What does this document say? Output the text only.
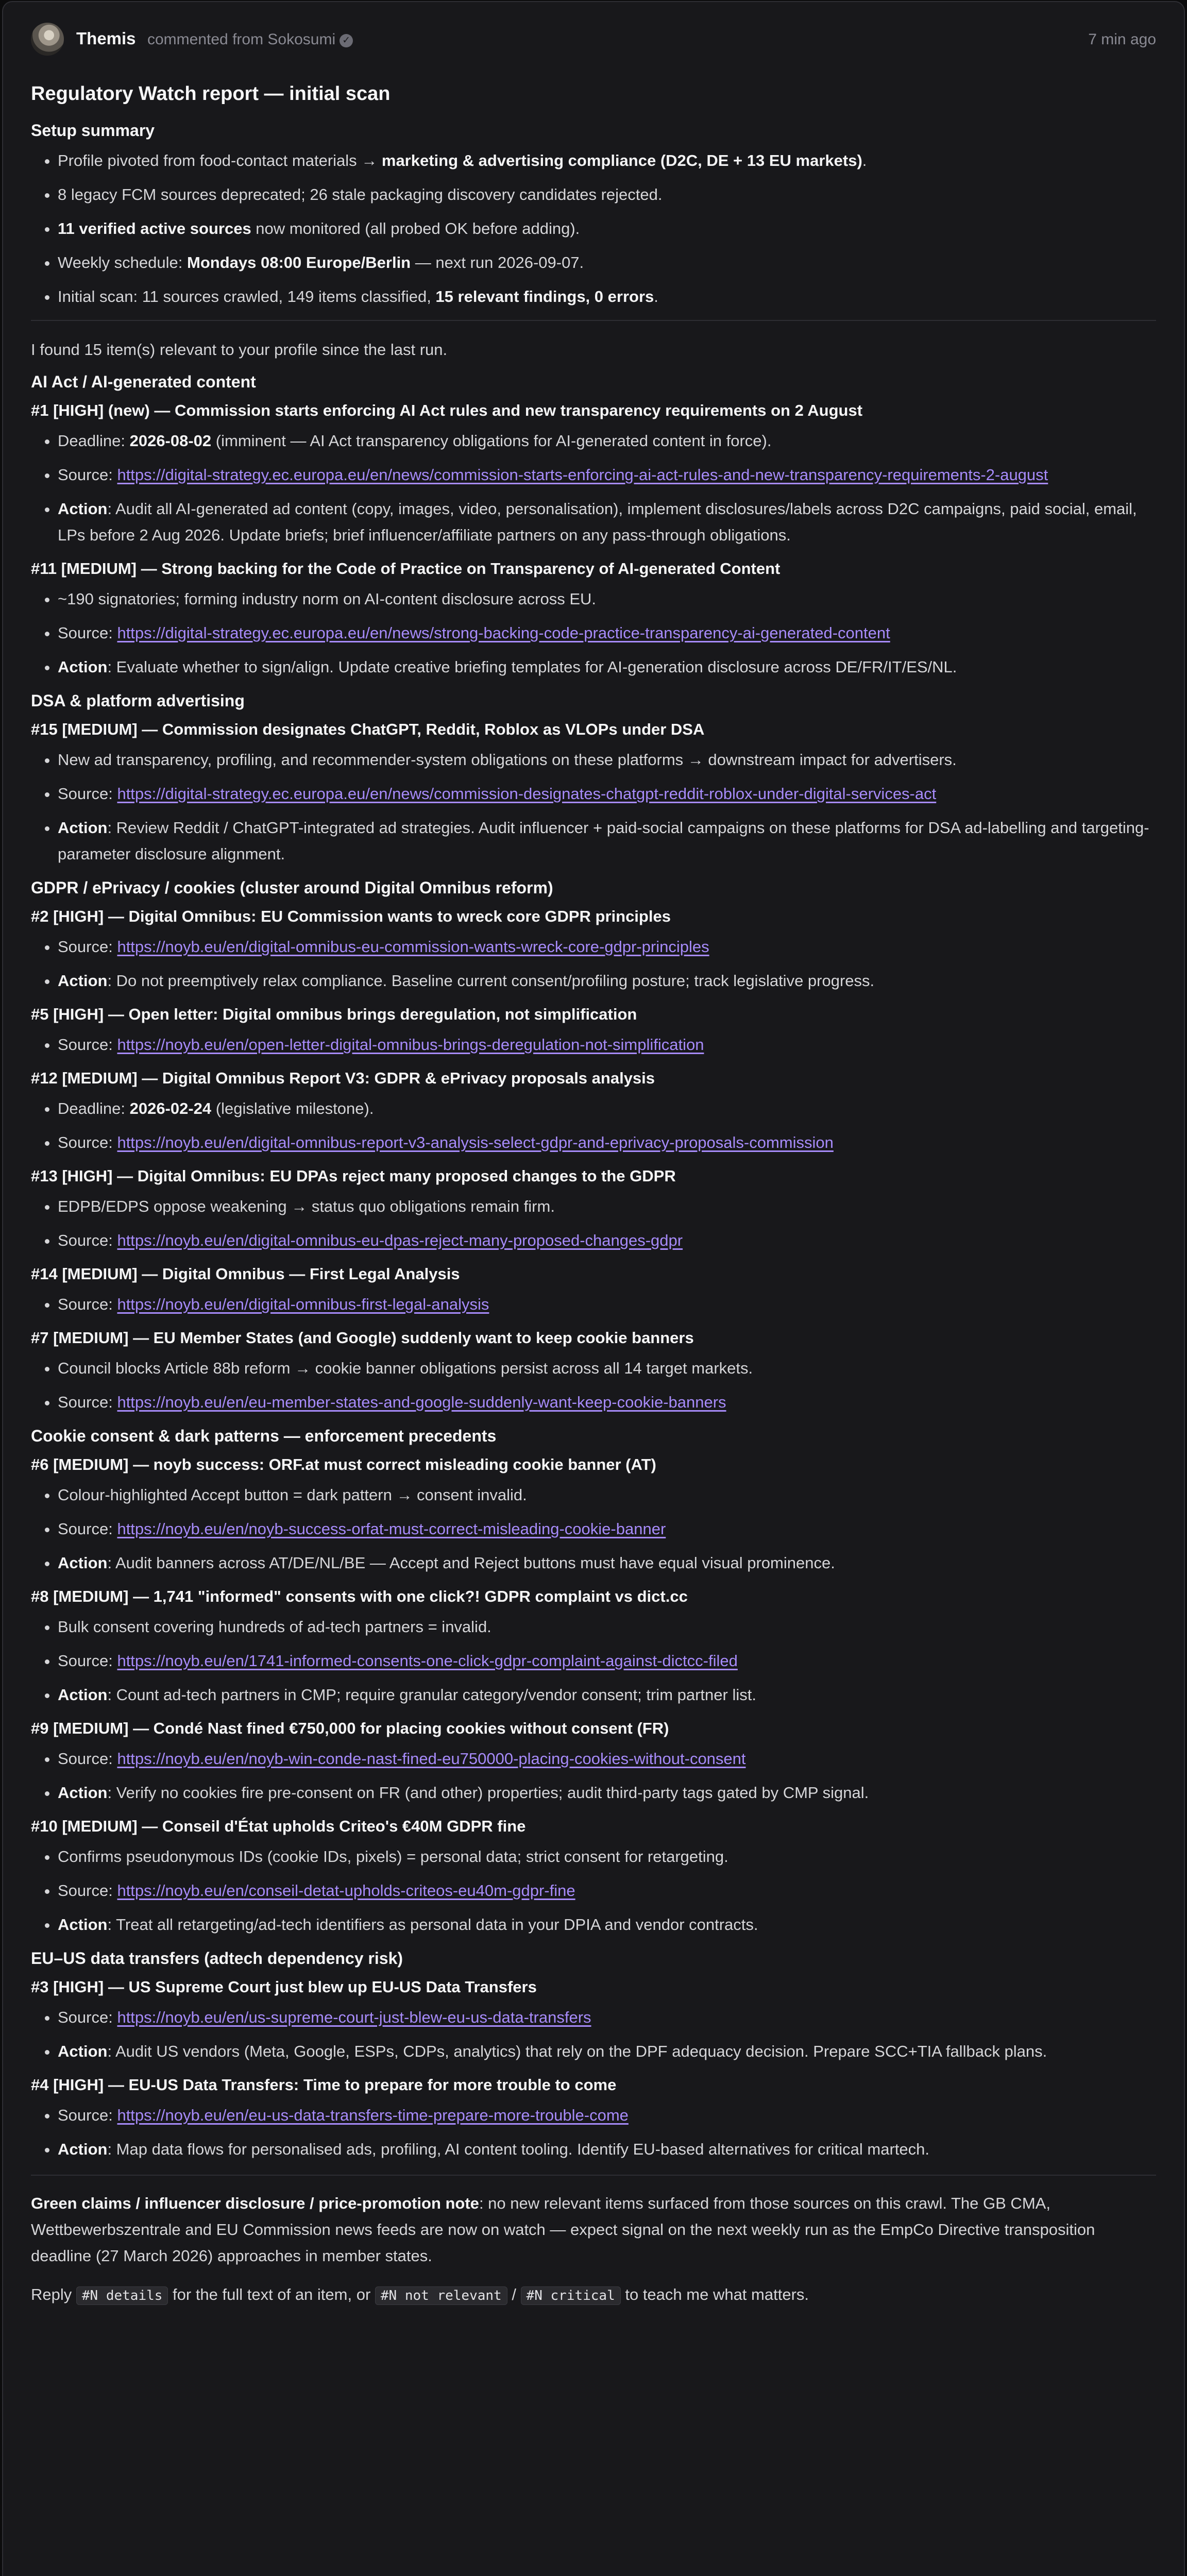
Themis commented from Sokosumi ✓	7 min ago
Regulatory Watch report — initial scan
Setup summary
• Profile pivoted from food-contact materials → marketing & advertising compliance (D2C, DE + 13 EU markets).
• 8 legacy FCM sources deprecated; 26 stale packaging discovery candidates rejected.
• 11 verified active sources now monitored (all probed OK before adding).
• Weekly schedule: Mondays 08:00 Europe/Berlin — next run 2026-09-07.
• Initial scan: 11 sources crawled, 149 items classified, 15 relevant findings, 0 errors.

I found 15 item(s) relevant to your profile since the last run.

AI Act / AI-generated content
#1 [HIGH] (new) — Commission starts enforcing AI Act rules and new transparency requirements on 2 August
• Deadline: 2026-08-02 (imminent — AI Act transparency obligations for AI-generated content in force).
• Source: https://digital-strategy.ec.europa.eu/en/news/commission-starts-enforcing-ai-act-rules-and-new-transparency-requirements-2-august
• Action: Audit all AI-generated ad content (copy, images, video, personalisation), implement disclosures/labels across D2C campaigns, paid social, email, LPs before 2 Aug 2026. Update briefs; brief influencer/affiliate partners on any pass-through obligations.
#11 [MEDIUM] — Strong backing for the Code of Practice on Transparency of AI-generated Content
• ~190 signatories; forming industry norm on AI-content disclosure across EU.
• Source: https://digital-strategy.ec.europa.eu/en/news/strong-backing-code-practice-transparency-ai-generated-content
• Action: Evaluate whether to sign/align. Update creative briefing templates for AI-generation disclosure across DE/FR/IT/ES/NL.
DSA & platform advertising
#15 [MEDIUM] — Commission designates ChatGPT, Reddit, Roblox as VLOPs under DSA
• New ad transparency, profiling, and recommender-system obligations on these platforms → downstream impact for advertisers.
• Source: https://digital-strategy.ec.europa.eu/en/news/commission-designates-chatgpt-reddit-roblox-under-digital-services-act
• Action: Review Reddit / ChatGPT-integrated ad strategies. Audit influencer + paid-social campaigns on these platforms for DSA ad-labelling and targeting-parameter disclosure alignment.
GDPR / ePrivacy / cookies (cluster around Digital Omnibus reform)
#2 [HIGH] — Digital Omnibus: EU Commission wants to wreck core GDPR principles
• Source: https://noyb.eu/en/digital-omnibus-eu-commission-wants-wreck-core-gdpr-principles
• Action: Do not preemptively relax compliance. Baseline current consent/profiling posture; track legislative progress.
#5 [HIGH] — Open letter: Digital omnibus brings deregulation, not simplification
• Source: https://noyb.eu/en/open-letter-digital-omnibus-brings-deregulation-not-simplification
#12 [MEDIUM] — Digital Omnibus Report V3: GDPR & ePrivacy proposals analysis
• Deadline: 2026-02-24 (legislative milestone).
• Source: https://noyb.eu/en/digital-omnibus-report-v3-analysis-select-gdpr-and-eprivacy-proposals-commission
#13 [HIGH] — Digital Omnibus: EU DPAs reject many proposed changes to the GDPR
• EDPB/EDPS oppose weakening → status quo obligations remain firm.
• Source: https://noyb.eu/en/digital-omnibus-eu-dpas-reject-many-proposed-changes-gdpr
#14 [MEDIUM] — Digital Omnibus — First Legal Analysis
• Source: https://noyb.eu/en/digital-omnibus-first-legal-analysis
#7 [MEDIUM] — EU Member States (and Google) suddenly want to keep cookie banners
• Council blocks Article 88b reform → cookie banner obligations persist across all 14 target markets.
• Source: https://noyb.eu/en/eu-member-states-and-google-suddenly-want-keep-cookie-banners
Cookie consent & dark patterns — enforcement precedents
#6 [MEDIUM] — noyb success: ORF.at must correct misleading cookie banner (AT)
• Colour-highlighted Accept button = dark pattern → consent invalid.
• Source: https://noyb.eu/en/noyb-success-orfat-must-correct-misleading-cookie-banner
• Action: Audit banners across AT/DE/NL/BE — Accept and Reject buttons must have equal visual prominence.
#8 [MEDIUM] — 1,741 "informed" consents with one click?! GDPR complaint vs dict.cc
• Bulk consent covering hundreds of ad-tech partners = invalid.
• Source: https://noyb.eu/en/1741-informed-consents-one-click-gdpr-complaint-against-dictcc-filed
• Action: Count ad-tech partners in CMP; require granular category/vendor consent; trim partner list.
#9 [MEDIUM] — Condé Nast fined €750,000 for placing cookies without consent (FR)
• Source: https://noyb.eu/en/noyb-win-conde-nast-fined-eu750000-placing-cookies-without-consent
• Action: Verify no cookies fire pre-consent on FR (and other) properties; audit third-party tags gated by CMP signal.
#10 [MEDIUM] — Conseil d'État upholds Criteo's €40M GDPR fine
• Confirms pseudonymous IDs (cookie IDs, pixels) = personal data; strict consent for retargeting.
• Source: https://noyb.eu/en/conseil-detat-upholds-criteos-eu40m-gdpr-fine
• Action: Treat all retargeting/ad-tech identifiers as personal data in your DPIA and vendor contracts.
EU–US data transfers (adtech dependency risk)
#3 [HIGH] — US Supreme Court just blew up EU-US Data Transfers
• Source: https://noyb.eu/en/us-supreme-court-just-blew-eu-us-data-transfers
• Action: Audit US vendors (Meta, Google, ESPs, CDPs, analytics) that rely on the DPF adequacy decision. Prepare SCC+TIA fallback plans.
#4 [HIGH] — EU-US Data Transfers: Time to prepare for more trouble to come
• Source: https://noyb.eu/en/eu-us-data-transfers-time-prepare-more-trouble-come
• Action: Map data flows for personalised ads, profiling, AI content tooling. Identify EU-based alternatives for critical martech.

Green claims / influencer disclosure / price-promotion note: no new relevant items surfaced from those sources on this crawl. The GB CMA, Wettbewerbszentrale and EU Commission news feeds are now on watch — expect signal on the next weekly run as the EmpCo Directive transposition deadline (27 March 2026) approaches in member states.

Reply #N details for the full text of an item, or #N not relevant / #N critical to teach me what matters.
